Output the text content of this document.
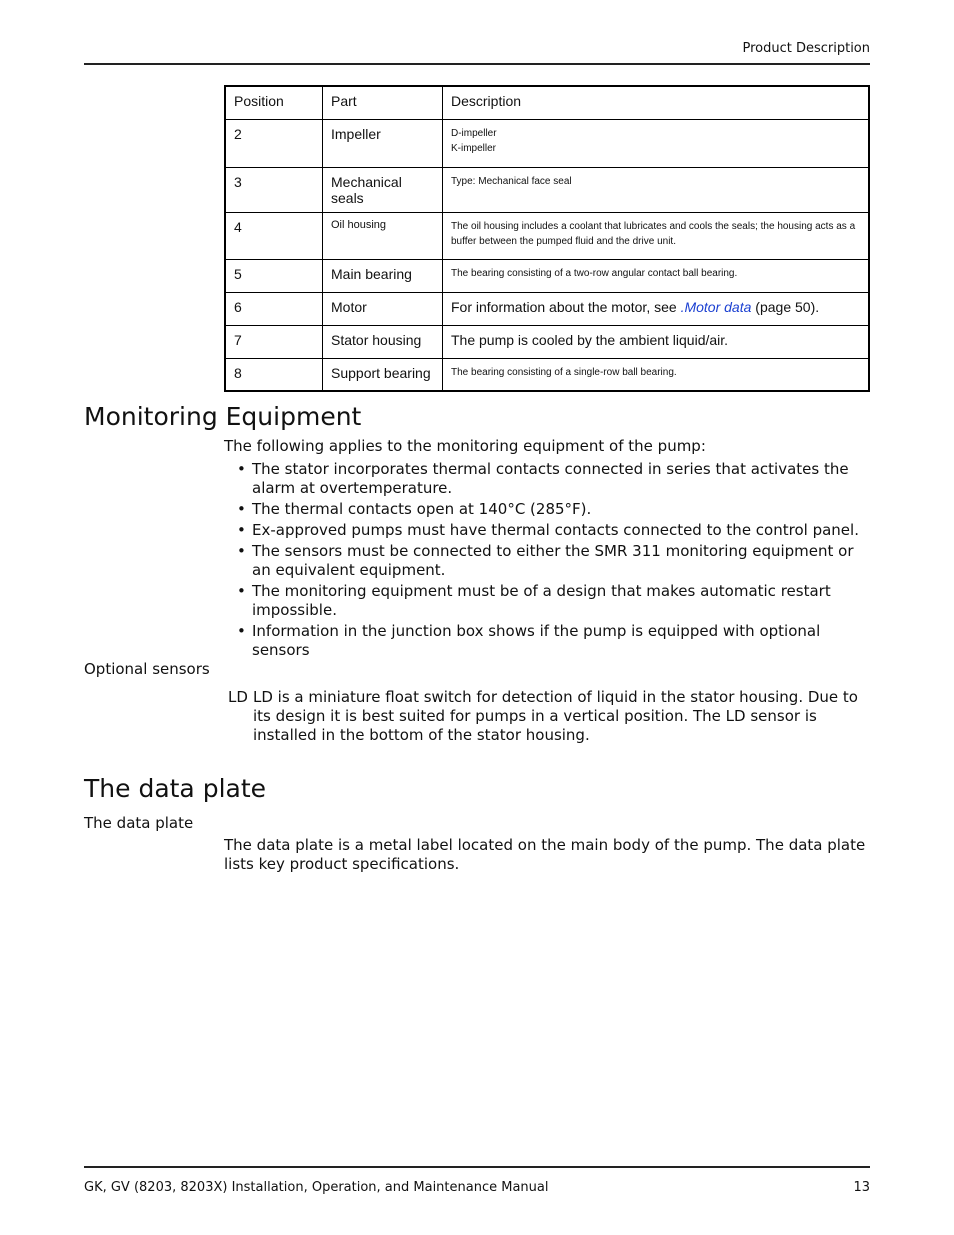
Product Description
Position	Part	Description
2	Impeller	D-impeller
K-impeller

3	Mechanical seals	Type: Mechanical face seal
4	Oil housing	The oil housing includes a coolant that lubricates and cools the seals; the housing acts as a buffer between the pumped fluid and the drive unit.
5	Main bearing	The bearing consisting of a two-row angular contact ball bearing.
6	Motor	For information about the motor, see .Motor data (page 50).
7	Stator housing	The pump is cooled by the ambient liquid/air.
8	Support bearing	The bearing consisting of a single-row ball bearing.
Monitoring Equipment

The following applies to the monitoring equipment of the pump:

• The stator incorporates thermal contacts connected in series that activates the alarm at overtemperature.
• The thermal contacts open at 140°C (285°F).
• Ex-approved pumps must have thermal contacts connected to the control panel.
• The sensors must be connected to either the SMR 311 monitoring equipment or an equivalent equipment.
• The monitoring equipment must be of a design that makes automatic restart impossible.
• Information in the junction box shows if the pump is equipped with optional sensors
Optional sensors
LD LD is a miniature float switch for detection of liquid in the stator housing. Due to its design it is best suited for pumps in a vertical position. The LD sensor is installed in the bottom of the stator housing.
The data plate
The data plate

The data plate is a metal label located on the main body of the pump. The data plate lists key product specifications.

GK, GV (8203, 8203X) Installation, Operation, and Maintenance Manual	13
